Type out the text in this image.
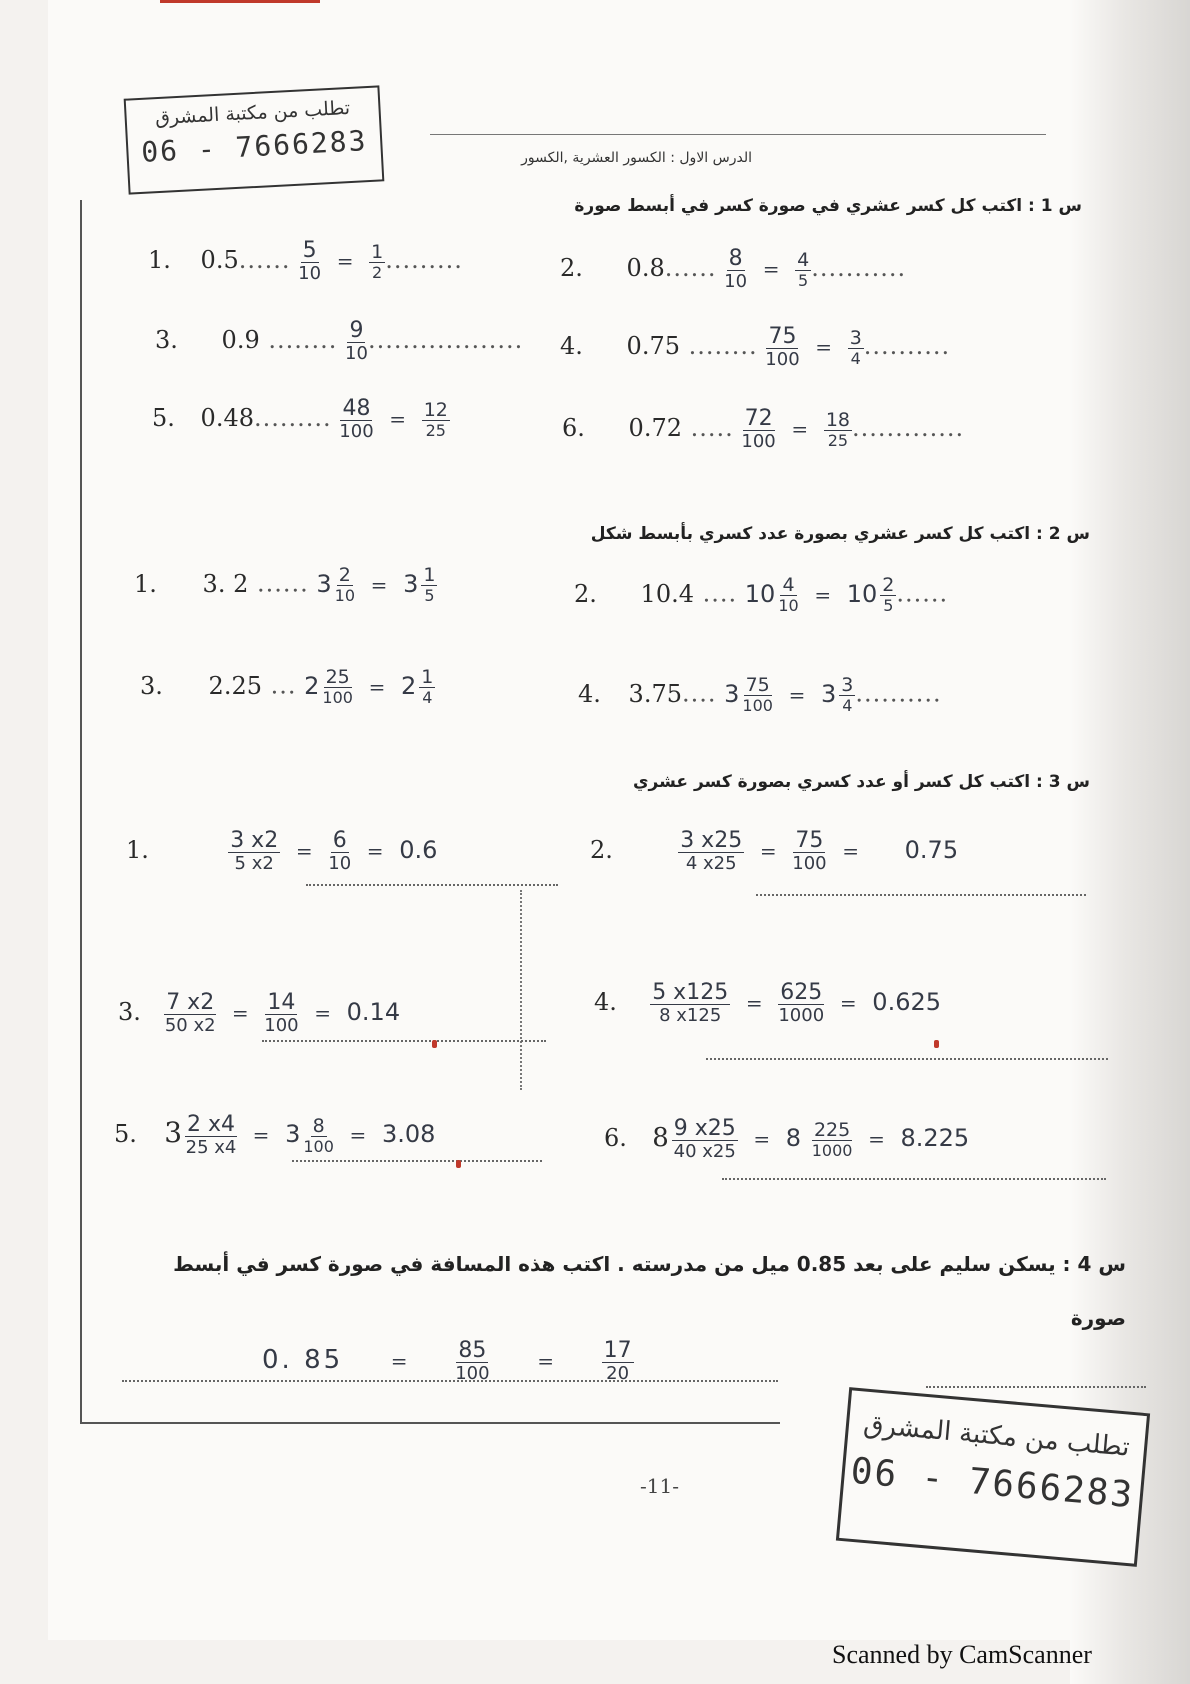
تطلب من مكتبة المشرق
06 - 7666283	الدرس الاول : الكسور العشرية ,الكسور
س 1 : اكتب كل كسر عشري في صورة كسر في أبسط صورة
1. 0.5...... $\frac{5}{10} = \frac{1}{2}$ .........	2. 0.8...... $\frac{8}{10} = \frac{4}{5}$ ...........
3. 0.9 ........ $\frac{9}{10}$ .................. 4. 0.75 ........ $\frac{75}{100} = \frac{3}{4}$ ..........
5. 0.48......... $\frac{48}{100} = \frac{12}{25}$	6. 0.72 ..... $\frac{72}{100} = \frac{18}{25}$ .............
س 2 : اكتب كل كسر عشري بصورة عدد كسري بأبسط شكل
1. 3. 2 ...... $3 \frac{2}{10} = 3 \frac{1}{5}$	2. 10.4 .... $10 \frac{4}{10} = 10 \frac{2}{5}$ ......
3. 2.25 ... $2 \frac{25}{100} = 2 \frac{1}{4}$	4. 3.75.... $3 \frac{75}{100} = 3 \frac{3}{4}$ ..........
س 3 : اكتب كل كسر أو عدد كسري بصورة كسر عشري
1.	$\frac{3 x2}{5 x2} = \frac{6}{10} = 0.6$	2.	$\frac{3 x25}{4 x25} = \frac{75}{100} = 0.75$
3. $\frac{7 x2}{50 x2} = \frac{14}{100} = 0.14$	4. $\frac{5 x125}{8 x125} = \frac{625}{1000} = 0.625$
5. $3 \frac{2 x4}{25 x4} = 3 \frac{8}{100} = 3.08$	6. $8 \frac{9 x25}{40 x25} = 8 \frac{225}{1000} = 8.225$
س 4 : يسكن سليم على بعد 0.85 ميل من مدرسته . اكتب هذه المسافة في صورة كسر في أبسط
صورة
0. $85 = \frac{85}{100} = \frac{17}{20}$
تطلب من مكتبة المشرق
06 - 7666283
-11-
Scanned by CamScanner
